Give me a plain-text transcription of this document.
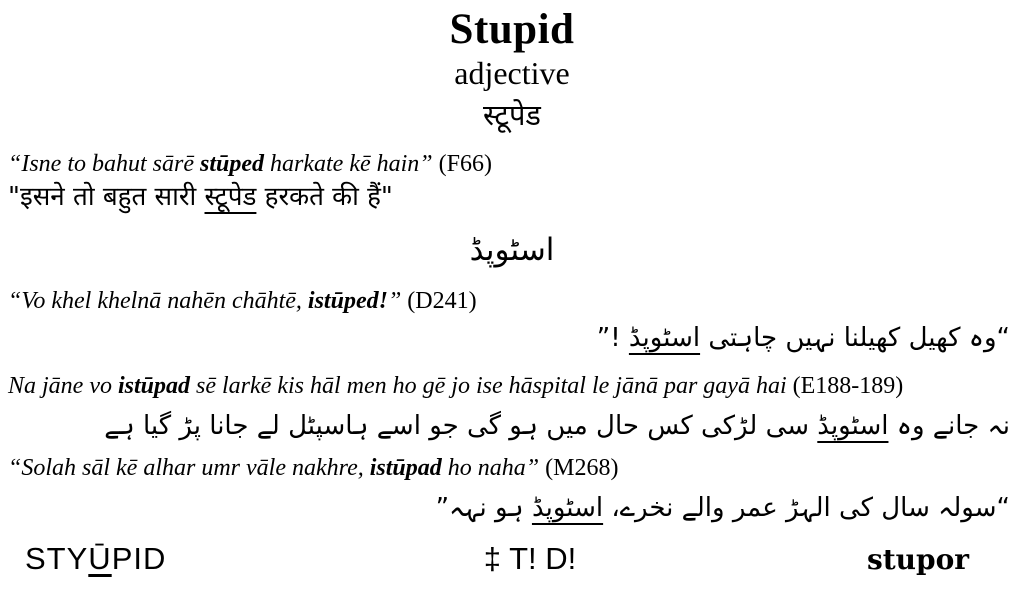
Stupid
adjective
स्टूपेड
“Isne to bahut sārē stūped harkate kē hain” (F66)
"इसने तो बहुत सारी स्टूपेड हरकते की हैं"
اسٹوپڈ
“Vo khel khelnā nahēn chāhtē, istūped!” (D241)
“وہ کھیل کھیلنا نہیں چاہتی اسٹوپڈ !”
Na jāne vo istūpad sē larkē kis hāl men ho gē jo ise hāspital le jānā par gayā hai (E188-189)
نہ جانے وہ اسٹوپڈ سی لڑکی کس حال میں ہو گی جو اسے ہاسپٹل لے جانا پڑ گیا ہے
“Solah sāl kē alhar umr vāle nakhre, istūpad ho naha” (M268)
“سولہ سال کی الہڑ عمر والے نخرے، اسٹوپڈ ہو نہہ”
STYŪPID	‡ T! D!	stupor
